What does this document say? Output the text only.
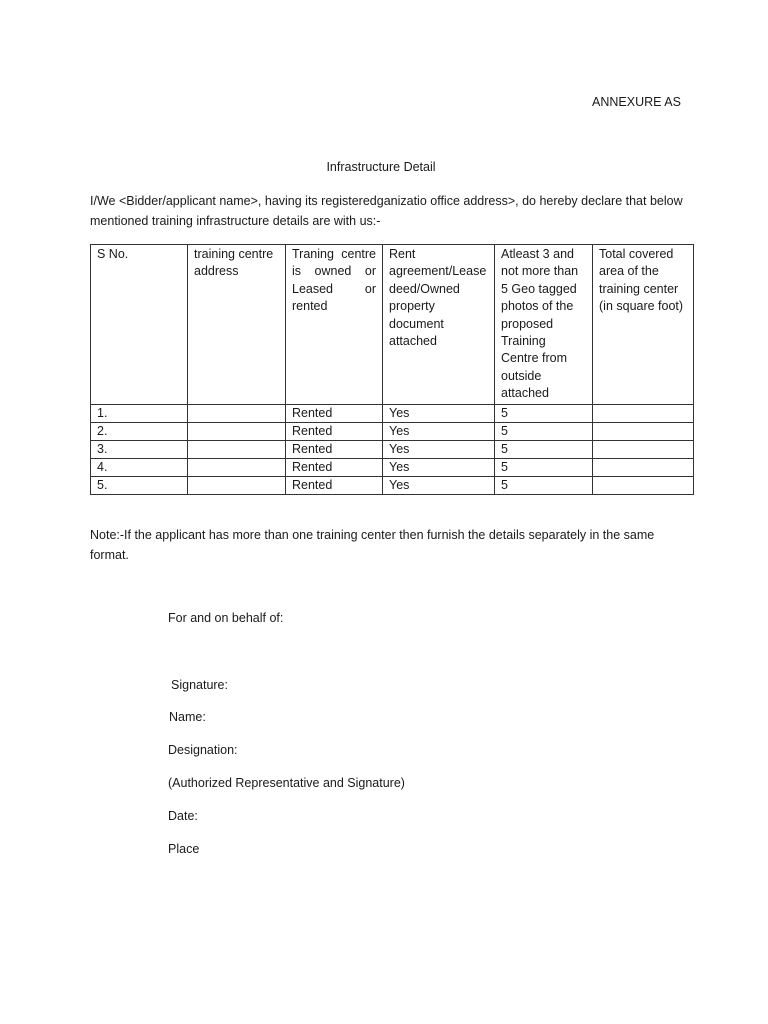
ANNEXURE AS
Infrastructure Detail
I/We <Bidder/applicant name>, having its registeredganizatio office address>, do hereby declare that below mentioned training infrastructure details are with us:-
S No.	training centre address	Traning centre is owned or Leased or rented	Rent agreement/Lease deed/Owned property document attached	Atleast 3 and not more than 5 Geo tagged photos of the proposed Training Centre from outside attached	Total covered area of the training center (in square foot)
1.		Rented	Yes	5	
2.		Rented	Yes	5	
3.		Rented	Yes	5	
4.		Rented	Yes	5	
5.		Rented	Yes	5	
Note:-If the applicant has more than one training center then furnish the details separately in the same format.
For and on behalf of:
Signature:
Name:
Designation:
(Authorized Representative and Signature)
Date:
Place
